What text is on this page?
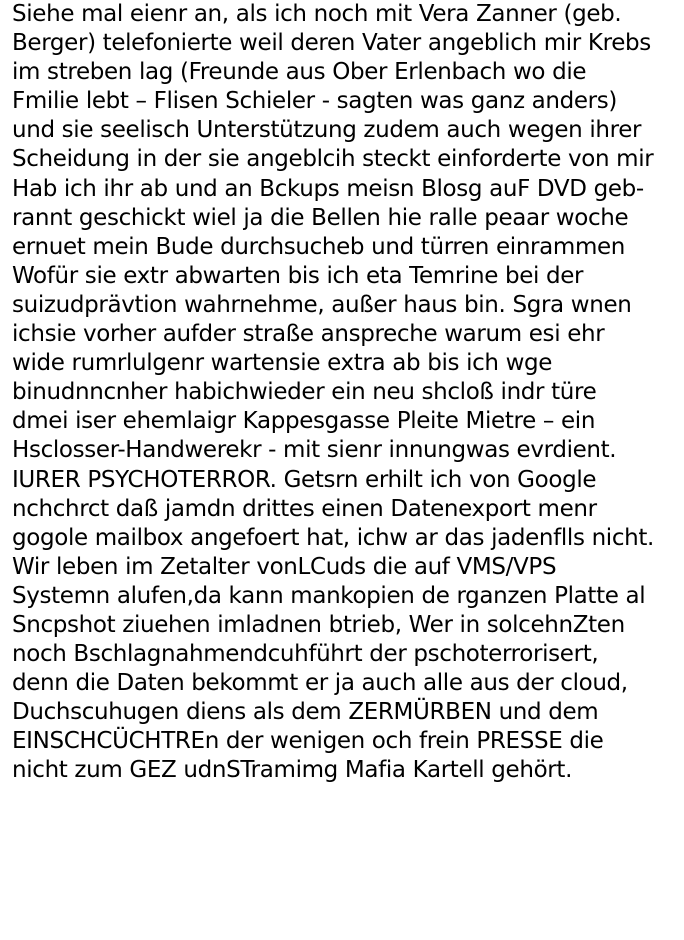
Siehe mal eienr an, als ich noch mit Vera Zanner (geb.
Berger) telefonierte weil deren Vater angeblich mir Krebs
im streben lag (Freunde aus Ober Erlenbach wo die
Fmilie lebt – Flisen Schieler - sagten was ganz anders)
und sie seelisch Unterstützung zudem auch wegen ihrer
Scheidung in der sie angeblcih steckt einforderte von mir
Hab ich ihr ab und an Bckups meisn Blosg auF DVD geb-
rannt geschickt wiel ja die Bellen hie ralle peaar woche
ernuet mein Bude durchsucheb und türren einrammen
Wofür sie extr abwarten bis ich eta Temrine bei der
suizudprävtion wahrnehme, außer haus bin. Sgra wnen
ichsie vorher aufder straße anspreche warum esi ehr
wide rumrlulgenr wartensie extra ab bis ich wge
binudnncnher habichwieder ein neu shcloß indr türe
dmei iser ehemlaigr Kappesgasse Pleite Mietre – ein
Hsclosser-Handwerekr - mit sienr innungwas evrdient.
IURER PSYCHOTERROR. Getsrn erhilt ich von Google
nchchrct daß jamdn drittes einen Datenexport menr
gogole mailbox angefoert hat, ichw ar das jadenflls nicht.
Wir leben im Zetalter vonLCuds die auf VMS/VPS
Systemn alufen,da kann mankopien de rganzen Platte al
Sncpshot ziuehen imladnen btrieb, Wer in solcehnZten
noch Bschlagnahmendcuhführt der pschoterrorisert,
denn die Daten bekommt er ja auch alle aus der cloud,
Duchscuhugen diens als dem ZERMÜRBEN und dem
EINSCHCÜCHTREn der wenigen och frein PRESSE die
nicht zum GEZ udnSTramimg Mafia Kartell gehört.
